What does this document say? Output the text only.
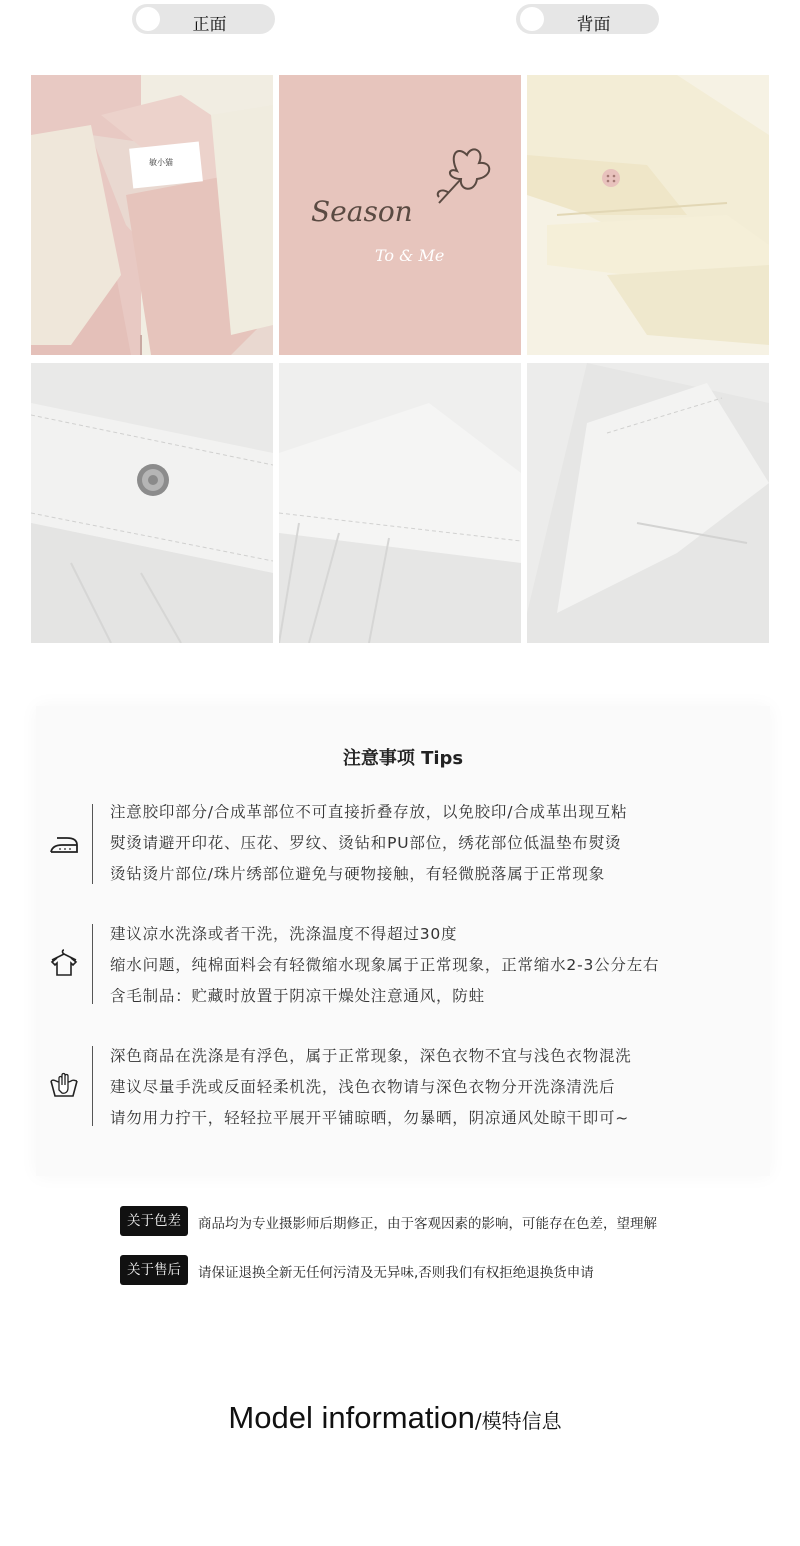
正面	背面
敏小猫
Season
To & Me
注意事项 Tips
注意胶印部分/合成革部位不可直接折叠存放，以免胶印/合成革出现互粘
熨烫请避开印花、压花、罗纹、烫钻和PU部位，绣花部位低温垫布熨烫
烫钻烫片部位/珠片绣部位避免与硬物接触，有轻微脱落属于正常现象
建议凉水洗涤或者干洗，洗涤温度不得超过30度
缩水问题，纯棉面料会有轻微缩水现象属于正常现象，正常缩水2-3公分左右
含毛制品：贮藏时放置于阴凉干燥处注意通风，防蛀
深色商品在洗涤是有浮色，属于正常现象，深色衣物不宜与浅色衣物混洗
建议尽量手洗或反面轻柔机洗，浅色衣物请与深色衣物分开洗涤清洗后
请勿用力拧干，轻轻拉平展开平铺晾晒，勿暴晒，阴凉通风处晾干即可~
关于色差	商品均为专业摄影师后期修正，由于客观因素的影响，可能存在色差，望理解
关于售后	请保证退换全新无任何污清及无异味,否则我们有权拒绝退换货申请
Model information/模特信息
